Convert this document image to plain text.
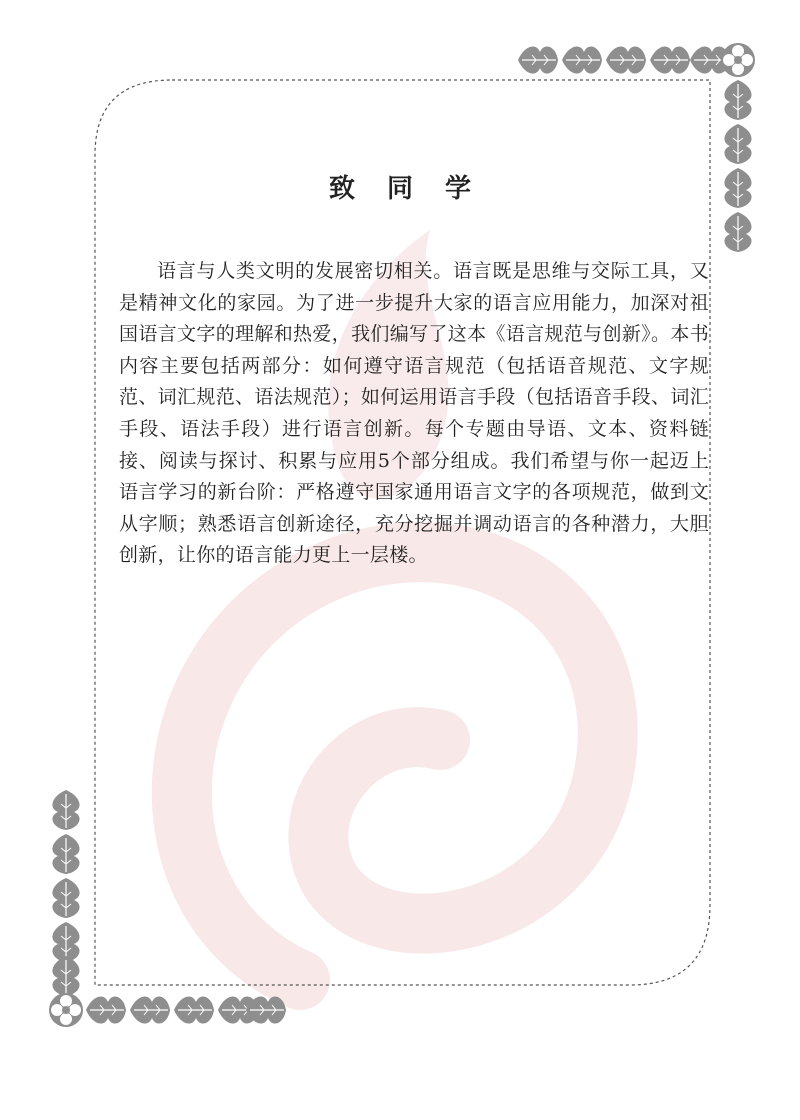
致同学
语言与人类文明的发展密切相关。语言既是思维与交际工具，又是精神文化的家园。为了进一步提升大家的语言应用能力，加深对祖国语言文字的理解和热爱，我们编写了这本《语言规范与创新》。本书内容主要包括两部分：如何遵守语言规范（包括语音规范、文字规范、词汇规范、语法规范）；如何运用语言手段（包括语音手段、词汇手段、语法手段）进行语言创新。每个专题由导语、文本、资料链接、阅读与探讨、积累与应用5个部分组成。我们希望与你一起迈上语言学习的新台阶：严格遵守国家通用语言文字的各项规范，做到文从字顺；熟悉语言创新途径，充分挖掘并调动语言的各种潜力，大胆创新，让你的语言能力更上一层楼。
